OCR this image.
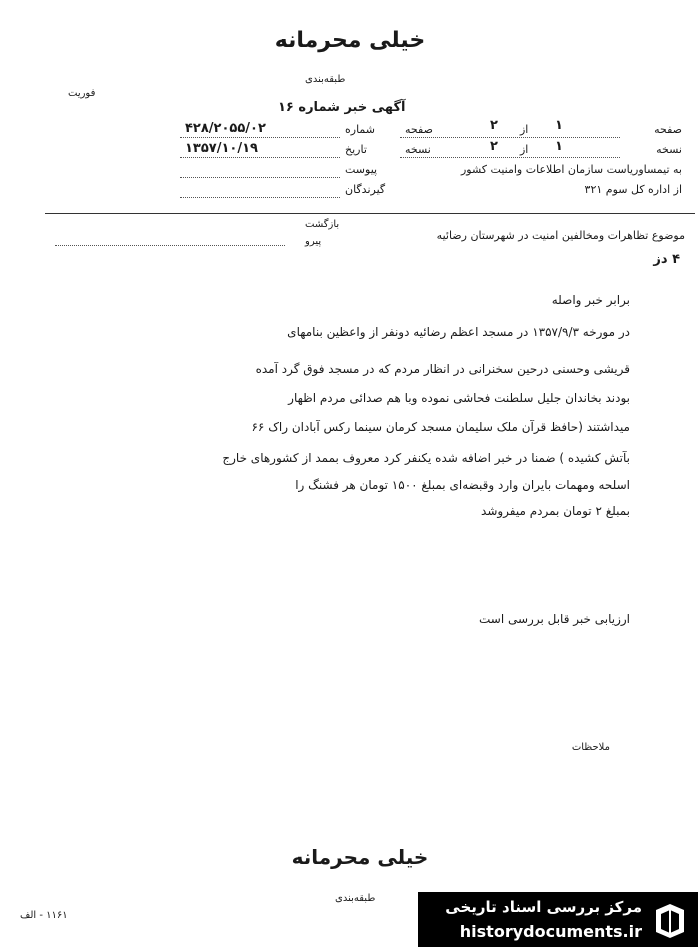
خیلی محرمانه
طبقه‌بندی
فوریت
آگهی خبر شماره ۱۶
صفحه
۱
از
۲
صفحه
شماره
۴۲۸/۲۰۵۵/۰۲
نسخه
۱
از
۲
نسخه
تاریخ
۱۳۵۷/۱۰/۱۹
به تیمساوریاست سازمان اطلاعات وامنیت کشور
پیوست
از اداره کل سوم ۳۲۱
گیرندگان
بازگشت
پیرو	موضوع تظاهرات ومخالفین امنیت در شهرستان رضائیه
۴ دز
برابر خبر واصله
در مورخه ۱۳۵۷/۹/۳ در مسجد اعظم رضائیه دونفر از واعظین بنامهای
قریشی وحسنی درحین سخنرانی در انظار مردم که در مسجد فوق گرد آمده
بودند بخاندان جلیل سلطنت فحاشی نموده وبا هم صدائی مردم اظهار
میداشتند (حافظ قرآن ملک سلیمان مسجد کرمان سینما رکس آبادان راک ۶۶
بآتش کشیده ) ضمنا در خبر اضافه شده یکنفر کرد معروف بممد از کشورهای خارج
اسلحه ومهمات بایران وارد وقبضه‌ای بمبلغ ۱۵۰۰ تومان هر فشنگ را
بمبلغ ۲ تومان بمردم میفروشد
ارزیابی خبر قابل بررسی است
ملاحظات
خیلی محرمانه
طبقه‌بندی
۱۱۶۱ - الف	مرکز بررسی اسناد تاریخی
historydocuments.ir
